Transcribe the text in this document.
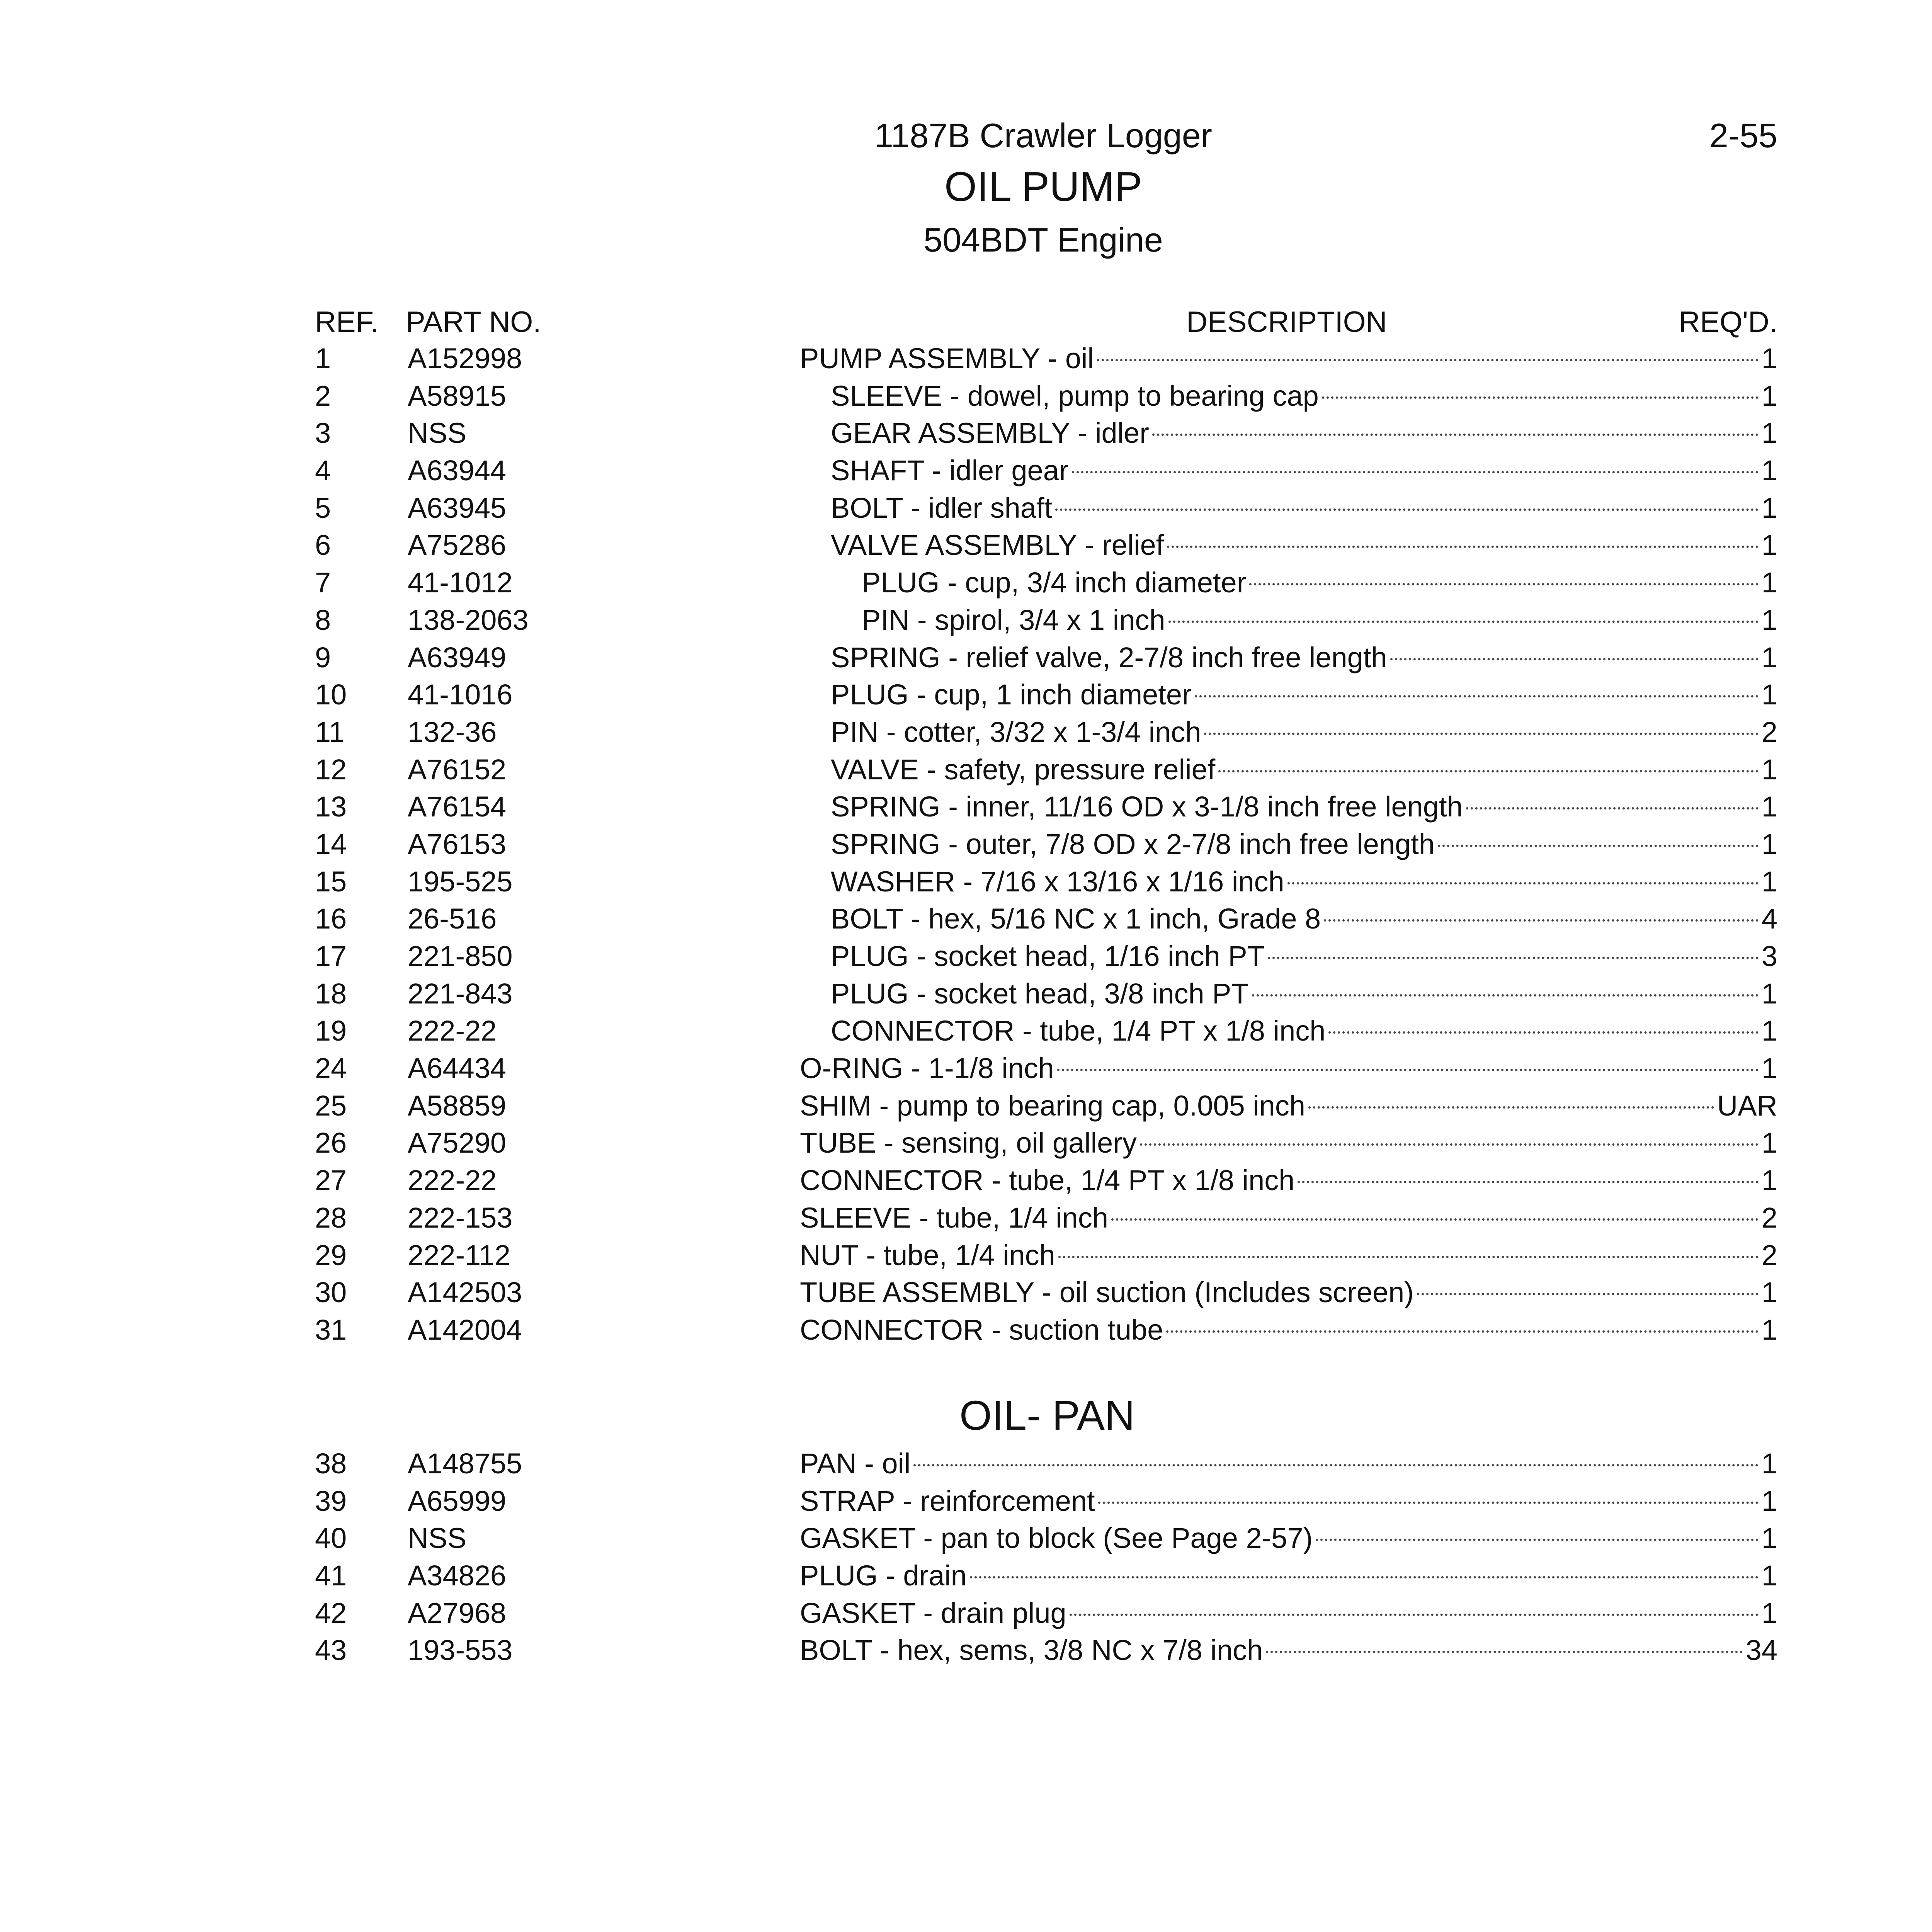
1187B Crawler Logger	2-55
OIL PUMP
504BDT Engine
REF. PART NO.	DESCRIPTION	REQ'D.
1	A152998	PUMP ASSEMBLY - oil	1
2	A58915	SLEEVE - dowel, pump to bearing cap	1
3	NSS	GEAR ASSEMBLY - idler	1
4	A63944	SHAFT - idler gear	1
5	A63945	BOLT - idler shaft	1
6	A75286	VALVE ASSEMBLY - relief	1
7	41-1012	PLUG - cup, 3/4 inch diameter	1
8	138-2063	PIN - spirol, 3/4 x 1 inch	1
9	A63949	SPRING - relief valve, 2-7/8 inch free length	1
10 41-1016	PLUG - cup, 1 inch diameter	1
11 132-36	PIN - cotter, 3/32 x 1-3/4 inch	2
12 A76152	VALVE - safety, pressure relief	1
13 A76154	SPRING - inner, 11/16 OD x 3-1/8 inch free length	1
14 A76153	SPRING - outer, 7/8 OD x 2-7/8 inch free length	1
15 195-525	WASHER - 7/16 x 13/16 x 1/16 inch	1
16 26-516	BOLT - hex, 5/16 NC x 1 inch, Grade 8	4
17 221-850	PLUG - socket head, 1/16 inch PT	3
18 221-843	PLUG - socket head, 3/8 inch PT	1
19 222-22	CONNECTOR - tube, 1/4 PT x 1/8 inch	1
24 A64434	O-RING - 1-1/8 inch	1
25 A58859	SHIM - pump to bearing cap, 0.005 inch	UAR
26 A75290	TUBE - sensing, oil gallery	1
27 222-22	CONNECTOR - tube, 1/4 PT x 1/8 inch	1
28 222-153	SLEEVE - tube, 1/4 inch	2
29 222-112	NUT - tube, 1/4 inch	2
30 A142503	TUBE ASSEMBLY - oil suction (Includes screen)	1
31 A142004	CONNECTOR - suction tube	1
OIL- PAN
38 A148755	PAN - oil	1
39 A65999	STRAP - reinforcement	1
40 NSS	GASKET - pan to block (See Page 2-57)	1
41 A34826	PLUG - drain	1
42 A27968	GASKET - drain plug	1
43 193-553	BOLT - hex, sems, 3/8 NC x 7/8 inch	34
